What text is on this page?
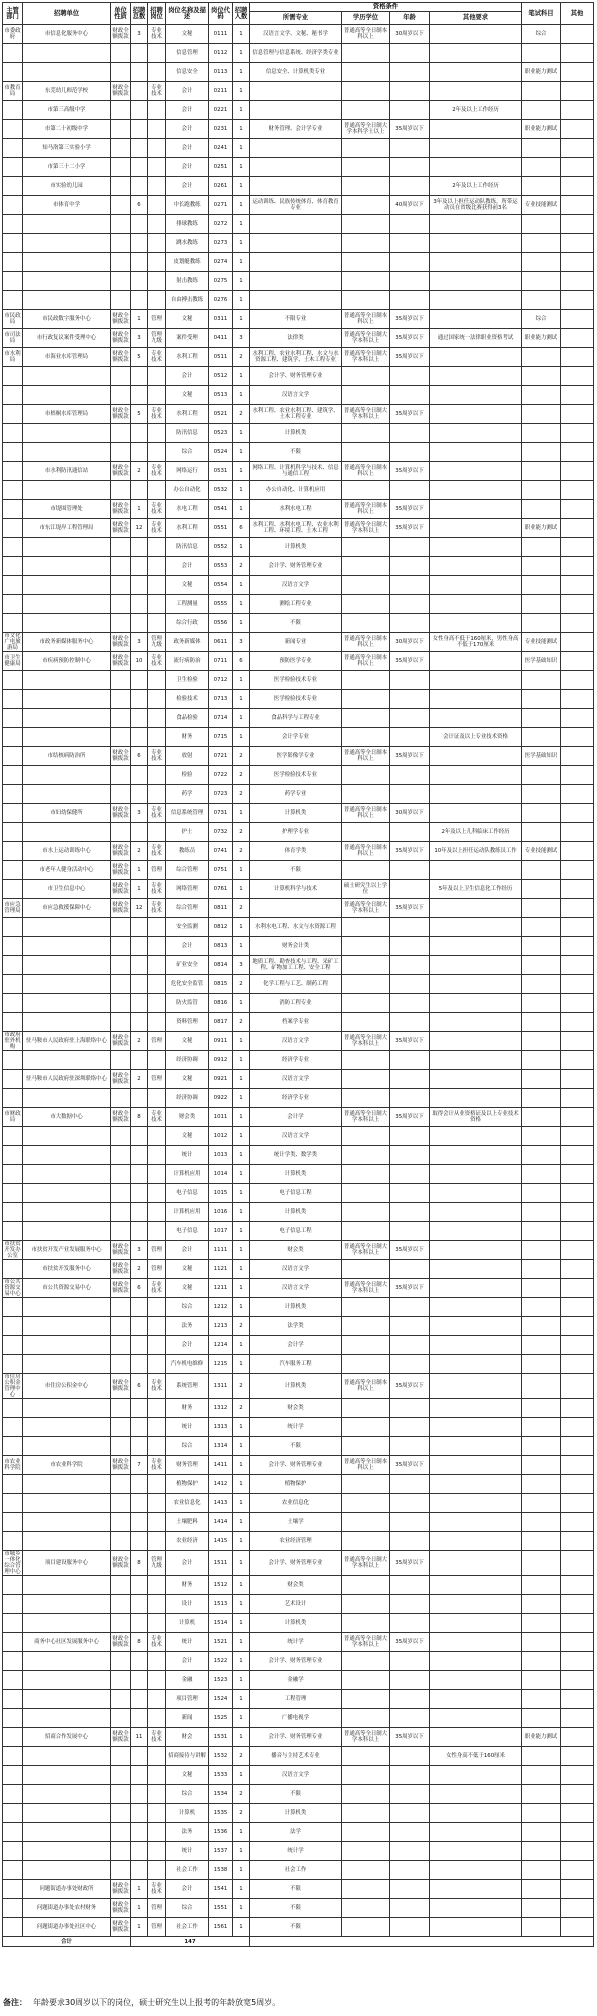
主管部门	招聘单位	单位性质	招聘总数	招聘岗位	岗位名称及描述	岗位代码	招聘人数	资格条件				笔试科目	其他
								所需专业	学历学位	年龄	其他要求		
市委政府	市信息化服务中心	财政全额拨款	3	专业技术	文秘	0111	1	汉语言文学、文秘、秘书学	普通高等全日制本科以上	30周岁以下		综合	
					信息管理	0112	1	信息管理与信息系统、经济学类专业					
					信息安全	0113	1	信息安全、计算机类专业				职业能力测试	
市教育局	东莞幼儿师范学校	财政全额拨款		专业技术	会计	0211	1						
	市第三高级中学				会计	0221	1				2年及以上工作经历		
	市第二十初级中学				会计	0231	1	财务管理、会计学专业	普通高等全日制大学本科学士以上	35周岁以下		职业能力测试	
	知马洛第三实验小学				会计	0241	1						
	市第三十二小学				会计	0251	1						
	市实验幼儿园				会计	0261	1				2年及以上工作经历		
	市体育中学		6		中长跑教练	0271	1	运动训练、民族传统体育、体育教育专业		40周岁以下	3年及以上担任运动队教练，所带运动员在省级比赛获得前3名	专业技能测试	
					排球教练	0272	1						
					跳水教练	0273	1						
					皮划艇教练	0274	1						
					射击教练	0275	1						
					自由搏击教练	0276	1						
市民政局	市民政数字服务中心	财政全额拨款	1	管理	文秘	0311	1	不限专业	普通高等全日制本科以上	35周岁以下		综合	
市司法局	市行政复议案件受理中心	财政全额拨款	3	管理九级	案件受理	0411	3	法律类	普通高等全日制大学本科以上	35周岁以下	通过国家统一法律职业资格考试	职业能力测试	
市水利局	市海业水库管理局	财政全额拨款	5	专业技术	水利工程	0511	2	水利工程、农业水利工程、水文与水资源工程、建筑学、土木工程专业	普通高等全日制大学本科以上	35周岁以下			
					会计	0512	1	会计学、财务管理专业					
					文秘	0513	1	汉语言文学					
	市梧桐水库管理局	财政全额拨款	5	专业技术	水利工程	0521	2	水利工程、农业水利工程、建筑学、土木工程专业	普通高等全日制大学本科以上	35周岁以下			
					防汛信息	0523	1	计算机类					
					综合	0524	1	不限					
	市水利防汛通信站	财政全额拨款	2	专业技术	网络运行	0531	1	网络工程、计算机科学与技术、信息与通信工程	普通高等全日制本科以上	35周岁以下			
					办公自动化	0532	1	办公自动化、计算机应用					
	市堤围管理处	财政全额拨款	1	专业技术	水电工程	0541	1	水利水电工程	普通高等全日制本科以上	35周岁以下			
	市东江堤岸工程管理局	财政全额拨款	12	专业技术	水利工程	0551	6	水利工程、水利水电工程、农业水利工程、环境工程、土木工程	普通高等全日制大学本科以上	35周岁以下		职业能力测试	
					防汛信息	0552	1	计算机类					
					会计	0553	2	会计学、财务管理专业					
					文秘	0554	1	汉语言文学					
					工程测量	0555	1	测绘工程专业					
					综合行政	0556	1	不限					
市文化广电旅游局	市政务新媒体服务中心	财政全额拨款	3	管理九级	政务新媒体	0611	3	新闻专业	普通高等全日制本科以上	30周岁以下	女性身高不低于160厘米，男性身高不低于170厘米	专业技能测试	
市卫生健康局	市疾病预防控制中心	财政全额拨款	10	专业技术	流行病防治	0711	6	预防医学专业	普通高等全日制本科以上	35周岁以下		医学基础知识	
					卫生检验	0712	1	医学检验技术专业					
					检验技术	0713	1	医学检验技术专业					
					食品检验	0714	1	食品科学与工程专业					
					财务	0715	1	会计学专业			会计证及以上专业技术资格		
	市结核病防治所	财政全额拨款	6	专业技术	放射	0721	2	医学影像学专业	普通高等全日制本科以上	35周岁以下		医学基础知识	
					检验	0722	2	医学检验技术专业					
					药学	0723	2	药学专业					
	市妇幼保健所	财政全额拨款	3	专业技术	信息系统管理	0731	1	计算机类	普通高等全日制本科以上	30周岁以下			
					护士	0732	2	护理学专业			2年及以上儿科临床工作经历		
	市水上运动训练中心	财政全额拨款	2	专业技术	教练员	0741	2	体育学类	普通高等全日制本科以上	35周岁以下	10年及以上担任运动队教练员工作	专业技能测试	
	市老年人健身活动中心	财政全额拨款	1	管理	综合管理	0751	1	不限					
	市卫生信息中心	财政全额拨款	1	专业技术	网络管理	0761	1	计算机科学与技术	硕士研究生以上学位		5年及以上卫生信息化工作经历		
市应急管理局	市应急救援保障中心	财政全额拨款	12	专业技术	综合管理	0811	2		普通高等全日制大学本科以上	35周岁以下			
					安全监测	0812	1	水利水电工程、水文与水资源工程					
					会计	0813	1	财务会计类					
					矿业安全	0814	3	地质工程、勘查技术与工程、采矿工程、矿物加工工程、安全工程					
					危化安全监管	0815	2	化学工程与工艺、制药工程					
					防火监管	0816	1	消防工程专业					
					资料管理	0817	2	档案学专业					
市政府驻外机构	驻马鞍市人民政府驻上海联络中心	财政全额拨款	2	管理	文秘	0911	1	汉语言文学	普通高等全日制大学本科以上	35周岁以下			
					经济协调	0912	1	经济学专业					
	驻马鞍市人民政府驻深圳联络中心	财政全额拨款	2	管理	文秘	0921	1	汉语言文学					
					经济协调	0922	1	经济学专业					
市财政局	市大数据中心	财政全额拨款	8	专业技术	财会类	1011	1	会计学	普通高等全日制大学本科以上	35周岁以下	取得会计从业资格证及以上专业技术资格		
					文秘	1012	1	汉语言文学					
					统计	1013	1	统计学类、数学类					
					计算机应用	1014	1	计算机类					
					电子信息	1015	1	电子信息工程					
					计算机应用	1016	1	计算机类					
					电子信息	1017	1	电子信息工程					
市扶贫开发办公室	市扶贫开发产业发展服务中心	财政全额拨款	3	管理	会计	1111	1	财会类	普通高等全日制大学本科以上	35周岁以下			
	市扶贫开发服务中心	财政全额拨款	2	管理	文秘	1121	1	汉语言文学					
市公共资源交易中心	市公共资源交易中心	财政全额拨款	6	专业技术	文秘	1211	1	汉语言文学	普通高等全日制大学本科以上	35周岁以下			
					综合	1212	1	计算机类					
					法务	1213	2	法学类					
					会计	1214	1	会计学					
					汽车机电维修	1215	1	汽车服务工程					
市住房公积金管理中心	市住房公积金中心	财政全额拨款	6	专业技术	系统管理	1311	2	计算机类	普通高等全日制本科以上	35周岁以下			
					财务	1312	2	财会类					
					统计	1313	1	统计学					
					综合	1314	1	不限					
市农业科学院	市农业科学院	财政全额拨款	7	专业技术	财务管理	1411	1	会计学、财务管理专业	普通高等全日制本科以上	35周岁以下			
					植物保护	1412	1	植物保护					
					农业信息化	1413	1	农业信息化					
					土壤肥料	1414	1	土壤学					
					农业经济	1415	1	农业经济管理					
市城乡一体化综合管理中心	项目建设服务中心	财政全额拨款	8	管理九级	会计	1511	1	会计学、财务管理专业	普通高等全日制大学本科以上	35周岁以下			
					财务	1512	1	财会类					
					设计	1513	1	艺术设计					
					计算机	1514	1	计算机类					
	商务中心社区发展服务中心	财政全额拨款	8	专业技术	统计	1521	1	统计学	普通高等全日制大学本科以上	35周岁以下			
					会计	1522	1	会计学、财务管理专业					
					金融	1523	1	金融学					
					项目管理	1524	1	工程管理					
					新闻	1525	1	广播电视学					
	招商合作发展中心	财政全额拨款	11	专业技术	财会	1531	1	会计学、财务管理专业	普通高等全日制大学本科以上	35周岁以下		职业能力测试	
					招商接待与讲解	1532	2	播音与主持艺术专业			女性身高不低于160厘米		
					文秘	1533	1	汉语言文学					
					综合	1534	2	不限					
					计算机	1535	2	计算机类					
					法务	1536	1	法学					
					统计	1537	1	统计学					
					社会工作	1538	1	社会工作					
	问题街道办事处财政所	财政全额拨款	1	专业技术	会计	1541	1	不限					
	问题街道办事处农村财务	财政全额拨款	1	管理	综合	1551	1	不限					
	问题街道办事处社区中心	财政全额拨款	1	管理	社会工作	1561	1	不限					
合计			147										
备注： 年龄要求30周岁以下的岗位，硕士研究生以上报考的年龄放宽5周岁。
